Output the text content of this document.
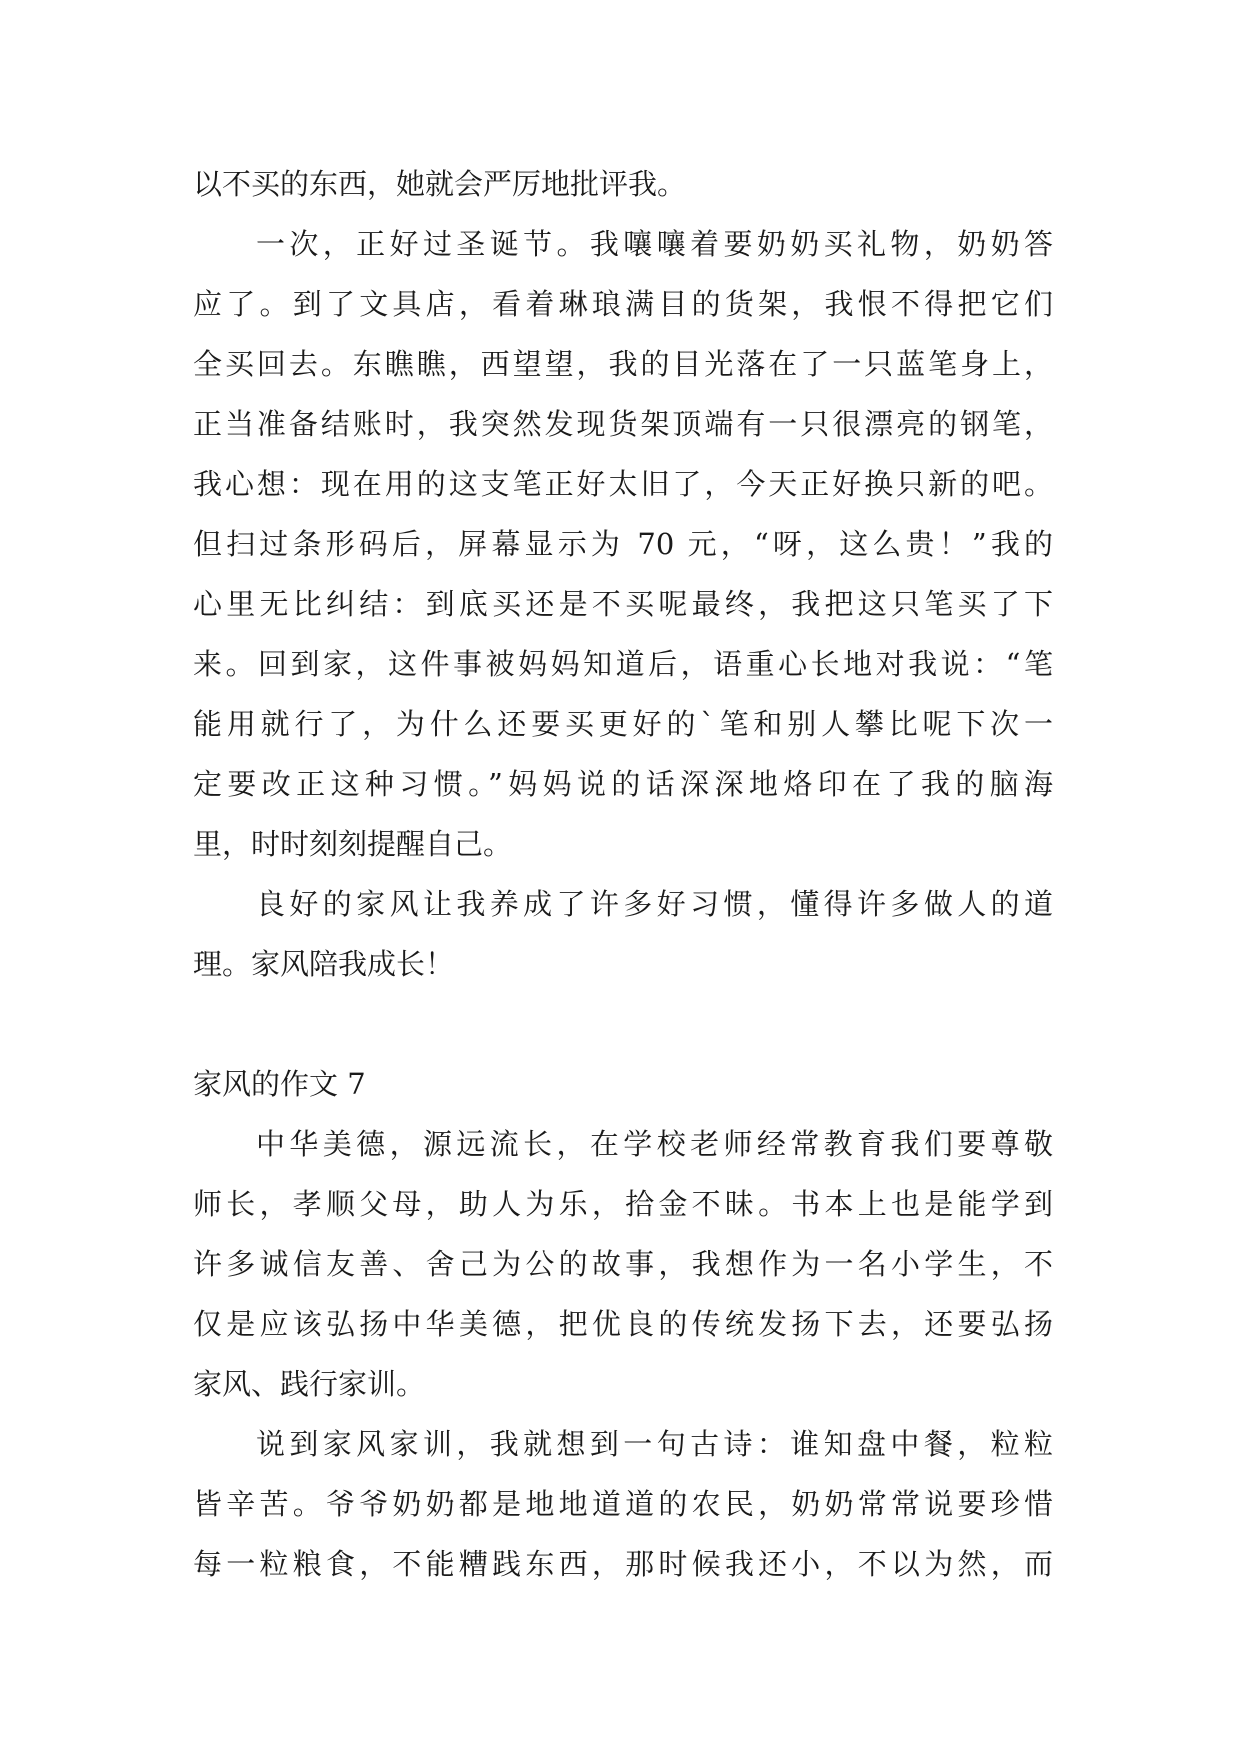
以不买的东西，她就会严厉地批评我。
一次，正好过圣诞节。我嚷嚷着要奶奶买礼物，奶奶答
应了。到了文具店，看着琳琅满目的货架，我恨不得把它们
全买回去。东瞧瞧，西望望，我的目光落在了一只蓝笔身上，
正当准备结账时，我突然发现货架顶端有一只很漂亮的钢笔，
我心想：现在用的这支笔正好太旧了，今天正好换只新的吧。
但扫过条形码后，屏幕显示为 70 元，“呀，这么贵！”我的
心里无比纠结：到底买还是不买呢最终，我把这只笔买了下
来。回到家，这件事被妈妈知道后，语重心长地对我说：“笔
能用就行了，为什么还要买更好的`笔和别人攀比呢下次一
定要改正这种习惯。”妈妈说的话深深地烙印在了我的脑海
里，时时刻刻提醒自己。
良好的家风让我养成了许多好习惯，懂得许多做人的道
理。家风陪我成长！
家风的作文 7
中华美德，源远流长，在学校老师经常教育我们要尊敬
师长，孝顺父母，助人为乐，拾金不昧。书本上也是能学到
许多诚信友善、舍己为公的故事，我想作为一名小学生，不
仅是应该弘扬中华美德，把优良的传统发扬下去，还要弘扬
家风、践行家训。
说到家风家训，我就想到一句古诗：谁知盘中餐，粒粒
皆辛苦。爷爷奶奶都是地地道道的农民，奶奶常常说要珍惜
每一粒粮食，不能糟践东西，那时候我还小，不以为然，而
